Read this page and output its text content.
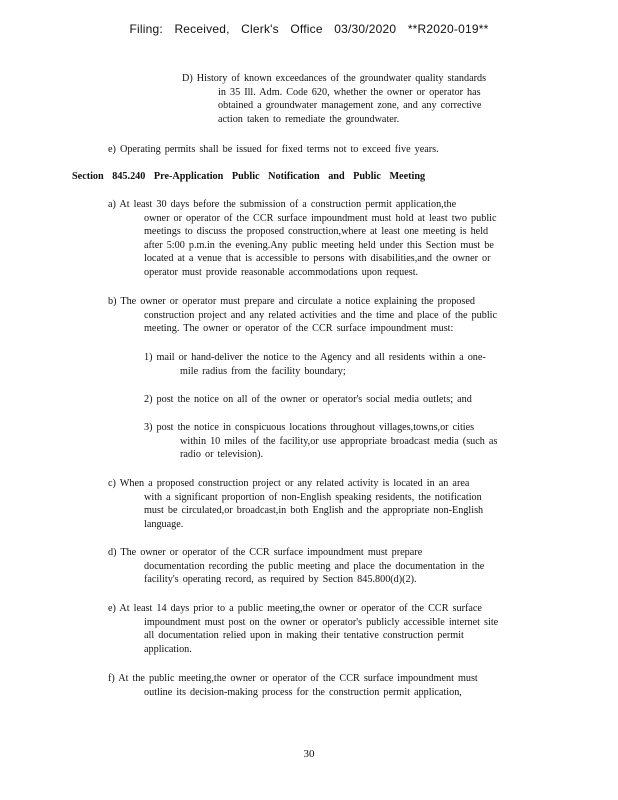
Filing: Received, Clerk's Office 03/30/2020 **R2020-019**
D) History of known exceedances of the groundwater quality standards
in 35 Ill. Adm. Code 620, whether the owner or operator has
obtained a groundwater management zone, and any corrective
action taken to remediate the groundwater.
e) Operating permits shall be issued for fixed terms not to exceed five years.
Section 845.240 Pre-Application Public Notification and Public Meeting
a) At least 30 days before the submission of a construction permit application,the
owner or operator of the CCR surface impoundment must hold at least two public
meetings to discuss the proposed construction,where at least one meeting is held
after 5:00 p.m.in the evening.Any public meeting held under this Section must be
located at a venue that is accessible to persons with disabilities,and the owner or
operator must provide reasonable accommodations upon request.
b) The owner or operator must prepare and circulate a notice explaining the proposed
construction project and any related activities and the time and place of the public
meeting. The owner or operator of the CCR surface impoundment must:
1) mail or hand-deliver the notice to the Agency and all residents within a one-
mile radius from the facility boundary;
2) post the notice on all of the owner or operator's social media outlets; and
3) post the notice in conspicuous locations throughout villages,towns,or cities
within 10 miles of the facility,or use appropriate broadcast media (such as
radio or television).
c) When a proposed construction project or any related activity is located in an area
with a significant proportion of non-English speaking residents, the notification
must be circulated,or broadcast,in both English and the appropriate non-English
language.
d) The owner or operator of the CCR surface impoundment must prepare
documentation recording the public meeting and place the documentation in the
facility's operating record, as required by Section 845.800(d)(2).
e) At least 14 days prior to a public meeting,the owner or operator of the CCR surface
impoundment must post on the owner or operator's publicly accessible internet site
all documentation relied upon in making their tentative construction permit
application.
f) At the public meeting,the owner or operator of the CCR surface impoundment must
outline its decision-making process for the construction permit application,
30
